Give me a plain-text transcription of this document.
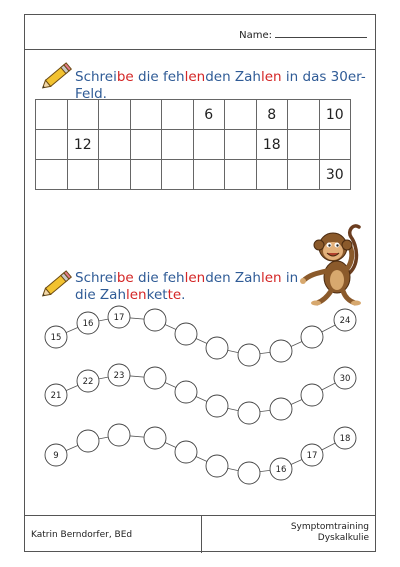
Name:
Schreibe die fehlenden Zahlen in das 30er-Feld.
					6		8		10
	12						18		
									30
Schreibe die fehlenden Zahlen in
die Zahlenkette.
15
16
17	24
21
22
23	30
9
16
17
18
Katrin Berndorfer, BEd
Symptomtraining
Dyskalkulie
